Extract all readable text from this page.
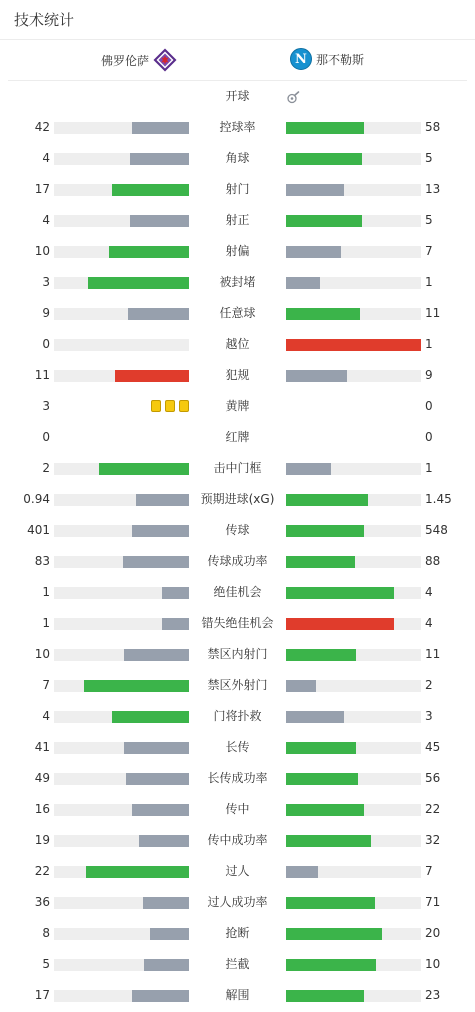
技术统计
佛罗伦萨	N 那不勒斯
开球
42	控球率	58
4	角球	5
17	射门	13
4	射正	5
10	射偏	7
3	被封堵	1
9	任意球	11
0	越位	1
11	犯规	9
3	黄牌	0
0	红牌	0
2	击中门框	1
0.94	预期进球(xG)	1.45
401	传球	548
83	传球成功率	88
1	绝佳机会	4
1	错失绝佳机会	4
10	禁区内射门	11
7	禁区外射门	2
4	门将扑救	3
41	长传	45
49	长传成功率	56
16	传中	22
19	传中成功率	32
22	过人	7
36	过人成功率	71
8	抢断	20
5	拦截	10
17	解围	23
